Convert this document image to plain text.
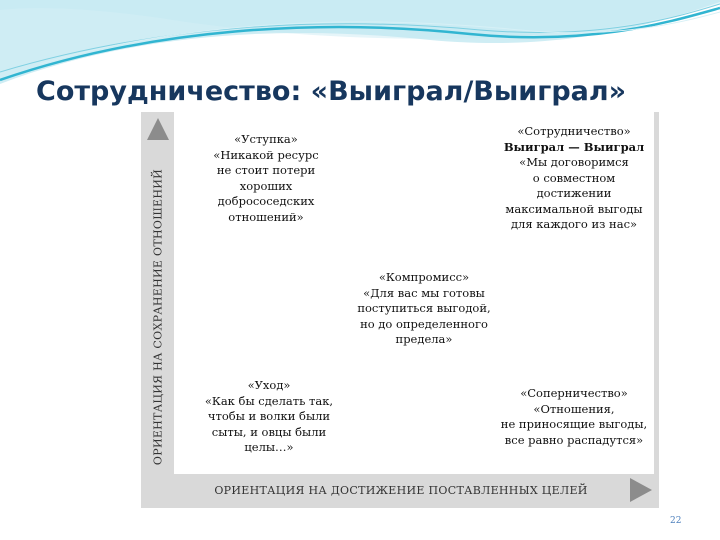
Сотрудничество: «Выиграл/Выиграл»
«Уступка»
«Никакой ресурс
не стоит потери
хороших
добрососедских
отношений»
«Сотрудничество»
Выиграл — Выиграл
«Мы договоримся
о совместном
достижении
максимальной выгоды
для каждого из нас»
«Компромисс»
«Для вас мы готовы
поступиться выгодой,
но до определенного
предела»
«Уход»
«Как бы сделать так,
чтобы и волки были
сыты, и овцы были
целы…»
«Соперничество»
«Отношения,
не приносящие выгоды,
все равно распадутся»
ОРИЕНТАЦИЯ НА СОХРАНЕНИЕ ОТНОШЕНИЙ
ОРИЕНТАЦИЯ НА ДОСТИЖЕНИЕ ПОСТАВЛЕННЫХ ЦЕЛЕЙ
22
